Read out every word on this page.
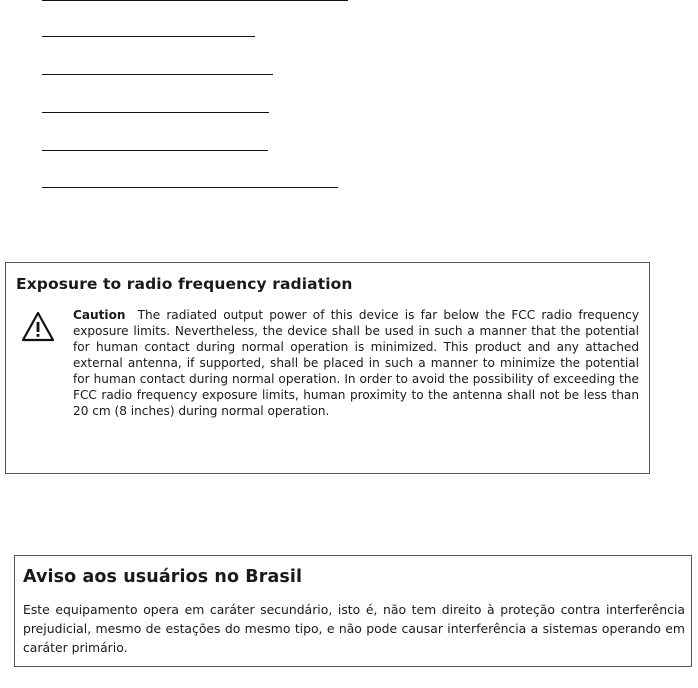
Exposure to radio frequency radiation

Caution The radiated output power of this device is far below the FCC radio frequency exposure limits. Nevertheless, the device shall be used in such a manner that the potential for human contact during normal operation is minimized. This product and any attached external antenna, if supported, shall be placed in such a manner to minimize the potential for human contact during normal operation. In order to avoid the possibility of exceeding the FCC radio frequency exposure limits, human proximity to the antenna shall not be less than 20 cm (8 inches) during normal operation.

Aviso aos usuários no Brasil

Este equipamento opera em caráter secundário, isto é, não tem direito à proteção contra interferência prejudicial, mesmo de estações do mesmo tipo, e não pode causar interferência a sistemas operando em caráter primário.
